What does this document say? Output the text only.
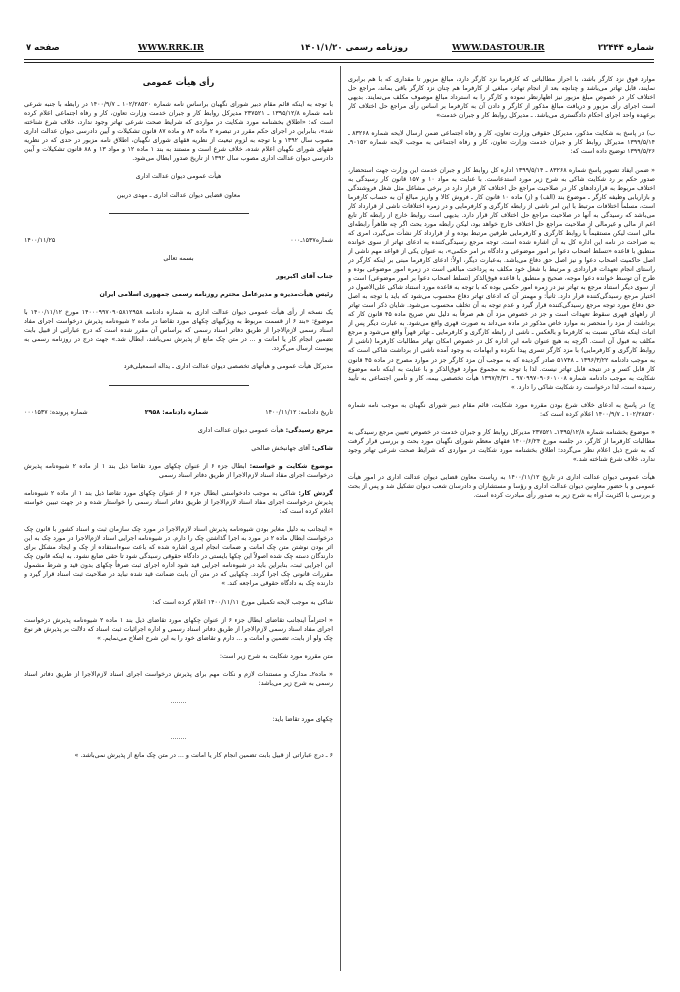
شماره ۲۲۴۴۴
WWW.DASTOUR.IR
روزنامه رسمی ۱۴۰۱/۱/۲۰
WWW.RRK.IR
صفحه ۷

موارد فوق نزد کارگر باشد، با احراز مطالباتی که کارفرما نزد کارگر دارد، مبالغ مزبور تا مقداری که با هم برابری نمایند، قابل تهاتر می‌باشد و چنانچه بعد از انجام تهاتر، مبلغی از کارفرما هم چنان نزد کارگر باقی بماند، مراجع حل اختلاف کار در خصوص مبلغ مزبور نیز اظهارنظر نموده و کارگر را به استرداد مبالغ موصوف مکلف می‌نمایند. بدیهی است اجرای رأی مزبور و دریافت مبالغ مذکور از کارگر و دادن آن به کارفرما بر اساس رأی مراجع حل اختلاف کار برعهده واحد اجرای احکام دادگستری می‌باشد. ـ مدیرکل روابط کار و جبران خدمت»

ب) در پاسخ به شکایت مذکور، مدیرکل حقوقی وزارت تعاون، کار و رفاه اجتماعی ضمن ارسال لایحه شماره ۸۳۲۶۸ ـ ۱۳۹۹/۵/۱۴ مدیرکل روابط کار و جبران خدمت وزارت تعاون، کار و رفاه اجتماعی به موجب لایحه شماره ۹۰۱۵۲ـ ۱۳۹۹/۵/۲۶ توضیح داده است که:

« ضمن ایفاد تصویر پاسخ شماره ۸۳۲۶۸ ـ ۱۳۹۹/۵/۱۴ اداره کل روابط کار و جبران خدمت این وزارت جهت استحضار، صدور حکم بر رد شکایت شاکی به شرح زیر مورد استدعاست. با عنایت به مواد ۱۰ و ۱۵۷ قانون کار رسیدگی به اختلاف مربوط به قراردادهای کار در صلاحیت مراجع حل اختلاف کار قرار دارد در برخی مشاغل مثل شغل فروشندگی و بازاریابی وظیفه کارگر ـ موضوع بند (الف) و (ز) ماده ۱۰ قانون کار ـ فروش کالا و واریز مبالغ آن به حساب کارفرما است، مسلماً اختلافات مرتبط با این امر ناشی از رابطه کارگری و کارفرمایی و در زمره اختلافات ناشی از قرارداد کار می‌باشد که رسیدگی به آنها در صلاحیت مراجع حل اختلاف کار قرار دارد. بدیهی است روابط خارج از رابطه کار تابع اعم از مالی و غیرمالی از صلاحیت مراجع حل اختلاف خارج خواهد بود، لیکن رابطه مورد بحث اگر چه ظاهراً رابطه‌ای مالی است لیکن مستقیماً با روابط کارگری و کارفرمایی طرفین مرتبط بوده و از قرارداد کار نشأت می‌گیرد، امری که به صراحت در نامه این اداره کل به آن اشاره شده است. توجه مرجع رسیدگی‌کننده به ادعای تهاتر از سوی خوانده منطبق با قاعده «تسلط اصحاب دعوا بر امور موضوعی و دادگاه بر امر حکمی»، به عنوان یکی از قواعد مهم ناشی از اصل حاکمیت اصحاب دعوا و نیز اصل حق دفاع می‌باشد. به‌عبارت دیگر، اولاً: ادعای کارفرما مبنی بر اینکه کارگر در راستای انجام تعهدات قراردادی و مرتبط با شغل خود مکلف به پرداخت مبالغی است در زمره امور موضوعی بوده و طرح آن توسط خوانده دعوا موجه، صحیح و منطبق با قاعده فوق‌الذکر (تسلط اصحاب دعوا بر امور موضوعی) است و از سوی دیگر استناد مرجع به تهاتر نیز در زمره امور حکمی بوده که با توجه به قاعده مورد استناد شاکی علی‌الاصول در اختیار مرجع رسیدگی‌کننده قرار دارد. ثانیاً: و مهمتر آن که ادعای تهاتر دفاع محسوب می‌شود که باید با توجه به اصل حق دفاع مورد توجه مرجع رسیدگی‌کننده قرار گیرد و عدم توجه به آن تخلف محسوب می‌شود. شایان ذکر است تهاتر از راههای قهری سقوط تعهدات است و جز در خصوص مزد آن هم صرفاً به دلیل نص صریح ماده ۴۵ قانون کار که برداشت از مزد را منحصر به موارد خاص مذکور در ماده می‌داند به صورت قهری واقع می‌شود. به عبارت دیگر پس از اثبات اینکه شاکی نسبت به کارفرما و بالعکس ـ ناشی از رابطه کارگری و کارفرمایی ـ تهاتر قهراً واقع می‌شود و مرجع مکلف به قبول آن است. اگرچه به هیچ عنوان نامه این اداره کل در خصوص امکان تهاتر مطالبات کارفرما (ناشی از روابط کارگری و کارفرمایی) با مزد کارگر تسری پیدا نکرده و ابهامات به وجود آمده ناشی از برداشت شاکی است که به موجب دادنامه ۱۳۹۶/۳/۲۲ ـ ۵۱۷۴۸ صادر گردیده که به موجب آن مزد کارگر جز در موارد مصرح در ماده ۴۵ قانون کار قابل کسر و در نتیجه قابل تهاتر نیست. لذا با توجه به مجموع موارد فوق‌الذکر و با عنایت به اینکه نامه موضوع شکایت به موجب دادنامه شماره ۹۷۰۹۹۷۰۹۰۶۰۱۰۰۸ ـ ۱۳۹۷/۴/۳۱ هیأت تخصصی بیمه، کار و تأمین اجتماعی به تأیید رسیده است، لذا درخواست رد شکایت شاکی را دارد. »

ج) در پاسخ به ادعای خلاف شرع بودن مقرره مورد شکایت، قائم مقام دبیر شورای نگهبان به موجب نامه شماره ۱۰۲/۲۸۵۲۰ ـ ۱۴۰۰/۹/۷ اعلام کرده است که:

« موضوع بخشنامه شماره ۱۳۹۵/۱۲/۸ـ ۲۳۷۵۲۱ مدیرکل روابط کار و جبران خدمت در خصوص تعیین مرجع رسیدگی به مطالبات کارفرما از کارگر، در جلسه مورخ ۱۴۰۰/۶/۲۴ فقهای معظم شورای نگهبان مورد بحث و بررسی قرار گرفت که به شرح ذیل اعلام نظر می‌گردد: اطلاق بخشنامه مورد شکایت در مواردی که شرایط صحت شرعی تهاتر وجود ندارد، خلاف شرع شناخته شد.»

هیأت عمومی دیوان عدالت اداری در تاریخ ۱۴۰۰/۱۱/۱۲ به ریاست معاون قضایی دیوان عدالت اداری در امور هیأت عمومی و با حضور معاونین دیوان عدالت اداری و رؤسا و مستشاران و دادرسان شعب دیوان تشکیل شد و پس از بحث و بررسی با اکثریت آراء به شرح زیر به صدور رأی مبادرت کرده است.

رأی هیأت عمومی

با توجه به اینکه قائم مقام دبیر شورای نگهبان براساس نامه شماره ۱۰۲/۲۸۵۲۰ ـ ۱۴۰۰/۹/۷ در رابطه با جنبه شرعی نامه شماره ۱۳۹۵/۱۲/۸ ـ ۲۳۷۵۲۱ مدیرکل روابط کار و جبران خدمت وزارت تعاون، کار و رفاه اجتماعی اعلام کرده است که: «اطلاق بخشنامه مورد شکایت در مواردی که شرایط صحت شرعی تهاتر وجود ندارد، خلاف شرع شناخته شد»، بنابراین در اجرای حکم مقرر در تبصره ۲ ماده ۸۴ و ماده ۸۷ قانون تشکیلات و آیین دادرسی دیوان عدالت اداری مصوب سال ۱۳۹۲ و با توجه به لزوم تبعیت از نظریه فقهای شورای نگهبان، اطلاق نامه مزبور در حدی که در نظریه فقهای شورای نگهبان اعلام شده، خلاف شرع است و مستند به بند ۱ ماده ۱۲ و مواد ۱۳ و ۸۸ قانون تشکیلات و آیین دادرسی دیوان عدالت اداری مصوب سال ۱۳۹۲ از تاریخ صدور ابطال می‌شود.

هیأت عمومی دیوان عدالت اداری

معاون قضایی دیوان عدالت اداری ـ مهدی دربین

شماره۱۵۳۷ـ۰۰۰
۱۴۰۰/۱۱/۲۵

بسمه تعالی

جناب آقای اکبرپور

رئیس هیأت‌مدیره و مدیرعامل محترم روزنامه رسمی جمهوری اسلامی ایران

یک نسخه از رأی هیأت عمومی دیوان عدالت اداری به شماره دادنامه ۱۴۰۰۰۹۹۷۰۹۰۵۸۱۲۹۵۸ مورخ ۱۴۰۰/۱۱/۱۲ با موضوع: «بند ۶ از قسمت مربوط به ویژگیهای چکهای مورد تقاضا در ماده ۲ شیوه‌نامه پذیرش درخواست اجرای مفاد اسناد رسمی لازم‌الاجرا از طریق دفاتر اسناد رسمی که براساس آن مقرر شده است که درج عباراتی از قبیل بابت تضمین انجام کار یا امانت و ... در متن چک مانع از پذیرش نمی‌باشد، ابطال شد.» جهت درج در روزنامه رسمی به پیوست ارسال می‌گردد.

مدیرکل هیأت عمومی و هیأتهای تخصصی دیوان عدالت اداری ـ یداله اسمعیلی‌فرد

تاریخ دادنامه: ۱۴۰۰/۱۱/۱۲
شماره دادنامه: ۲۹۵۸
شماره پرونده: ۰۰۰۱۵۳۷

مرجع رسیدگی: هیأت عمومی دیوان عدالت اداری

شاکی: آقای جهانبخش صالحی

موضوع شکایت و خواسته: ابطال جزء ۶ از عنوان چکهای مورد تقاضا ذیل بند ۱ از ماده ۲ شیوه‌نامه پذیرش درخواست اجرای مفاد اسناد لازم‌الاجرا از طریق دفاتر اسناد رسمی

گردش کار: شاکی به موجب دادخواستی ابطال جزء ۶ از عنوان چکهای مورد تقاضا ذیل بند ۱ از ماده ۲ شیوه‌نامه پذیرش درخواست اجرای مفاد اسناد لازم‌الاجرا از طریق دفاتر اسناد رسمی را خواستار شده و در جهت تبیین خواسته اعلام کرده است که:

« اینجانب به دلیل مغایر بودن شیوه‌نامه پذیرش اسناد لازم‌الاجرا در مورد چک سازمان ثبت و اسناد کشور با قانون چک درخواست ابطال ماده ۲ در مورد به اجرا گذاشتن چک را دارم. در شیوه‌نامه اجرایی اسناد لازم‌الاجرا در مورد چک به این اثر بودن نوشتن متن چک امانت و ضمانت انجام امری اشاره شده که باعث سوءاستفاده از چک و ایجاد مشکل برای دارندگان دسته چک شده اصولاً این چکها بایستی در دادگاه حقوقی رسیدگی شود تا حقی ضایع نشود. به اینکه قانون چک این اجرایی ثبت، بنابراین باید در شیوه‌نامه اجرایی قید شود اداره اجرای ثبت صرفاً چکهای بدون قید و شرط مشمول مقررات قانونی چک اجرا گردد. چکهایی که در متن آن بابت ضمانت قید شده نباید در صلاحیت ثبت اسناد قرار گیرد و دارنده چک به دادگاه حقوقی مراجعه کند. »

شاکی به موجب لایحه تکمیلی مورخ ۱۴۰۰/۱۱/۱۱ اعلام کرده است که:

« احتراماً اینجانب تقاضای ابطال جزء ۶ از عنوان چکهای مورد تقاضای ذیل بند ۱ ماده ۲ شیوه‌نامه پذیرش درخواست اجرای مفاد اسناد رسمی لازم‌الاجرا از طریق دفاتر اسناد رسمی و اداره اجرائیات ثبت اسناد که دلالت بر پذیرش هر نوع چک ولو از بابت، تضمین و امانت و ... دارم و تقاضای خود را به این شرح اصلاح می‌نمایم. »

متن مقرره مورد شکایت به شرح زیر است:

« ماده۲ـ مدارک و مستندات لازم و نکات مهم برای پذیرش درخواست اجرای اسناد لازم‌الاجرا از طریق دفاتر اسناد رسمی به شرح زیر می‌باشد:

........

چکهای مورد تقاضا باید:

........

۶ ـ درج عباراتی از قبیل بابت تضمین انجام کار یا امانت و ... در متن چک مانع از پذیرش نمی‌باشد. »
